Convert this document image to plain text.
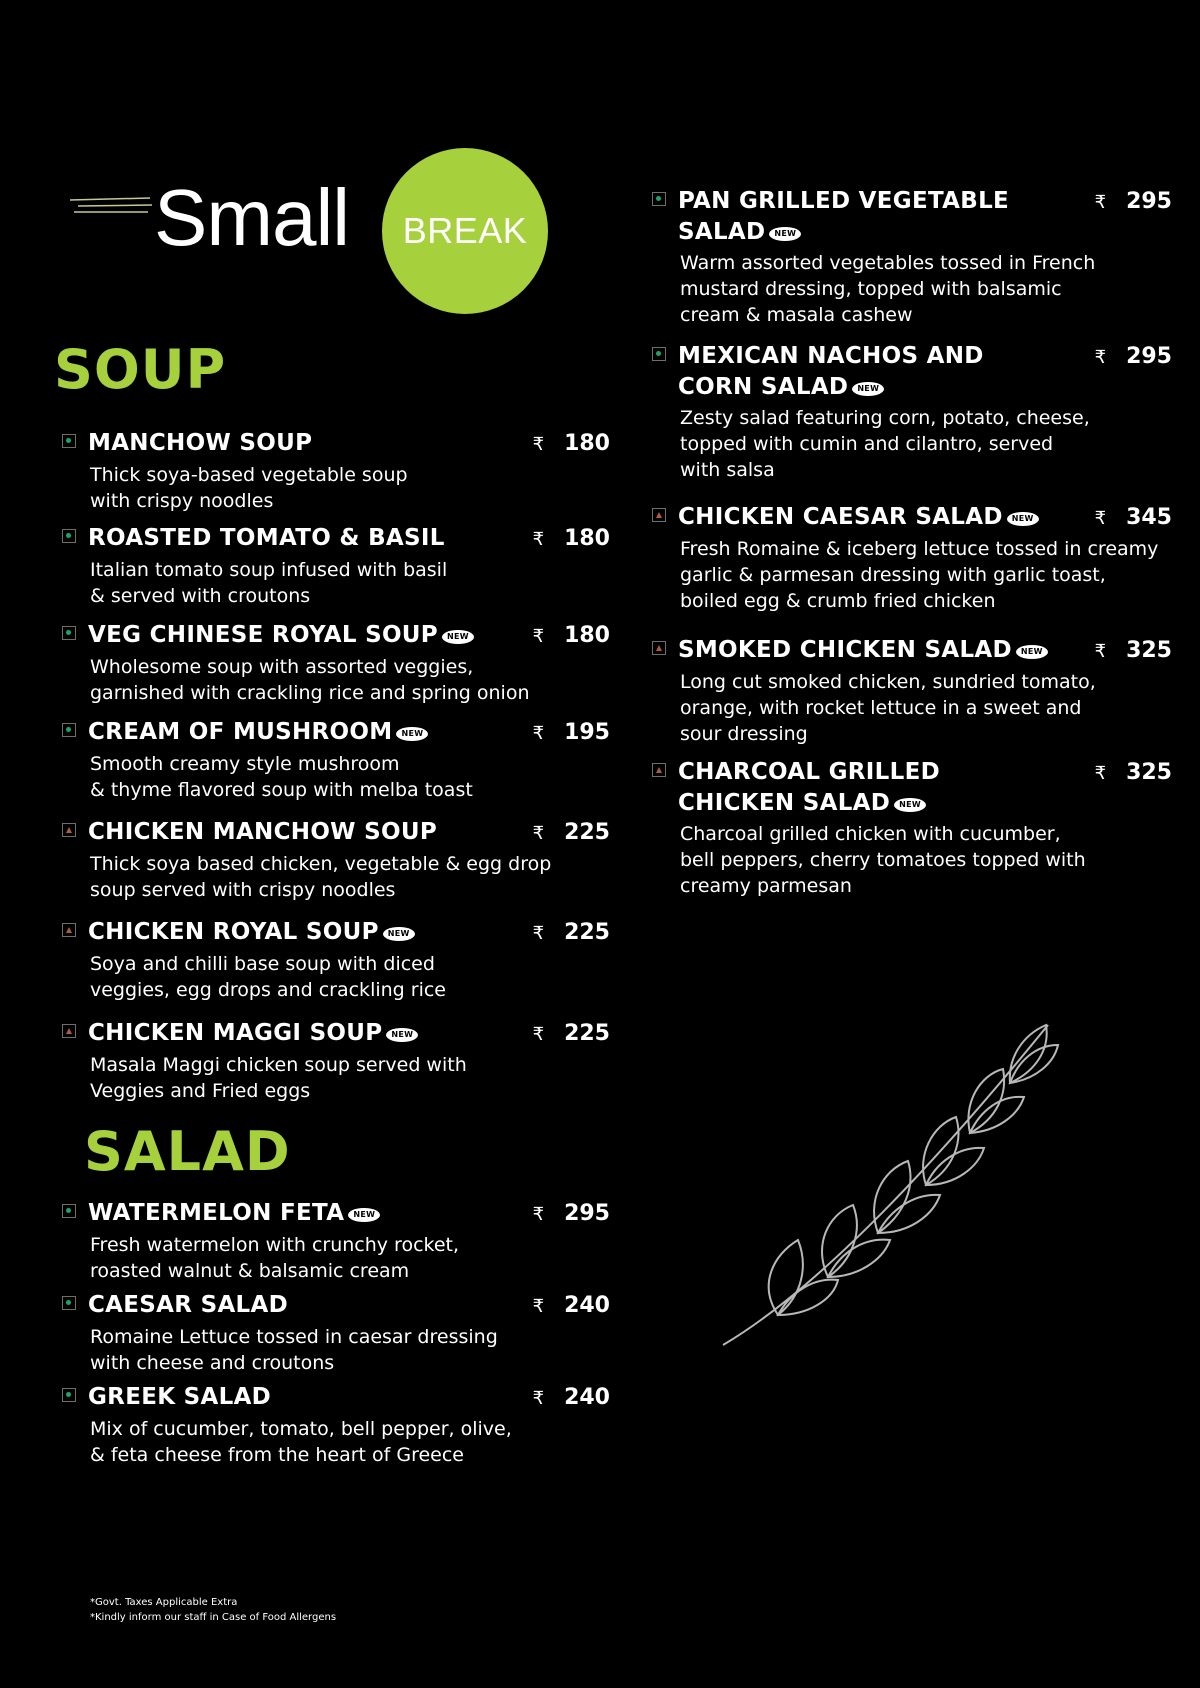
Small BREAK
SOUP
SALAD
MANCHOW SOUP	₹ 180
Thick soya-based vegetable soup
with crispy noodles
ROASTED TOMATO & BASIL	₹ 180
Italian tomato soup infused with basil
& served with croutons
VEG CHINESE ROYAL SOUP NEW	₹ 180
Wholesome soup with assorted veggies,
garnished with crackling rice and spring onion
CREAM OF MUSHROOM NEW	₹ 195
Smooth creamy style mushroom
& thyme flavored soup with melba toast
CHICKEN MANCHOW SOUP	₹ 225
Thick soya based chicken, vegetable & egg drop
soup served with crispy noodles
CHICKEN ROYAL SOUP NEW	₹ 225
Soya and chilli base soup with diced
veggies, egg drops and crackling rice
CHICKEN MAGGI SOUP NEW	₹ 225
Masala Maggi chicken soup served with
Veggies and Fried eggs
WATERMELON FETA NEW	₹ 295
Fresh watermelon with crunchy rocket,
roasted walnut & balsamic cream
CAESAR SALAD	₹ 240
Romaine Lettuce tossed in caesar dressing
with cheese and croutons
GREEK SALAD	₹ 240
Mix of cucumber, tomato, bell pepper, olive,
& feta cheese from the heart of Greece
PAN GRILLED VEGETABLE
SALAD NEW
₹ 295
Warm assorted vegetables tossed in French
mustard dressing, topped with balsamic
cream & masala cashew
MEXICAN NACHOS AND
CORN SALAD NEW
₹ 295
Zesty salad featuring corn, potato, cheese,
topped with cumin and cilantro, served
with salsa
CHICKEN CAESAR SALAD NEW	₹ 345
Fresh Romaine & iceberg lettuce tossed in creamy
garlic & parmesan dressing with garlic toast,
boiled egg & crumb fried chicken
SMOKED CHICKEN SALAD NEW	₹ 325
Long cut smoked chicken, sundried tomato,
orange, with rocket lettuce in a sweet and
sour dressing
CHARCOAL GRILLED
CHICKEN SALAD NEW
₹ 325
Charcoal grilled chicken with cucumber,
bell peppers, cherry tomatoes topped with
creamy parmesan
*Govt. Taxes Applicable Extra
*Kindly inform our staff in Case of Food Allergens
